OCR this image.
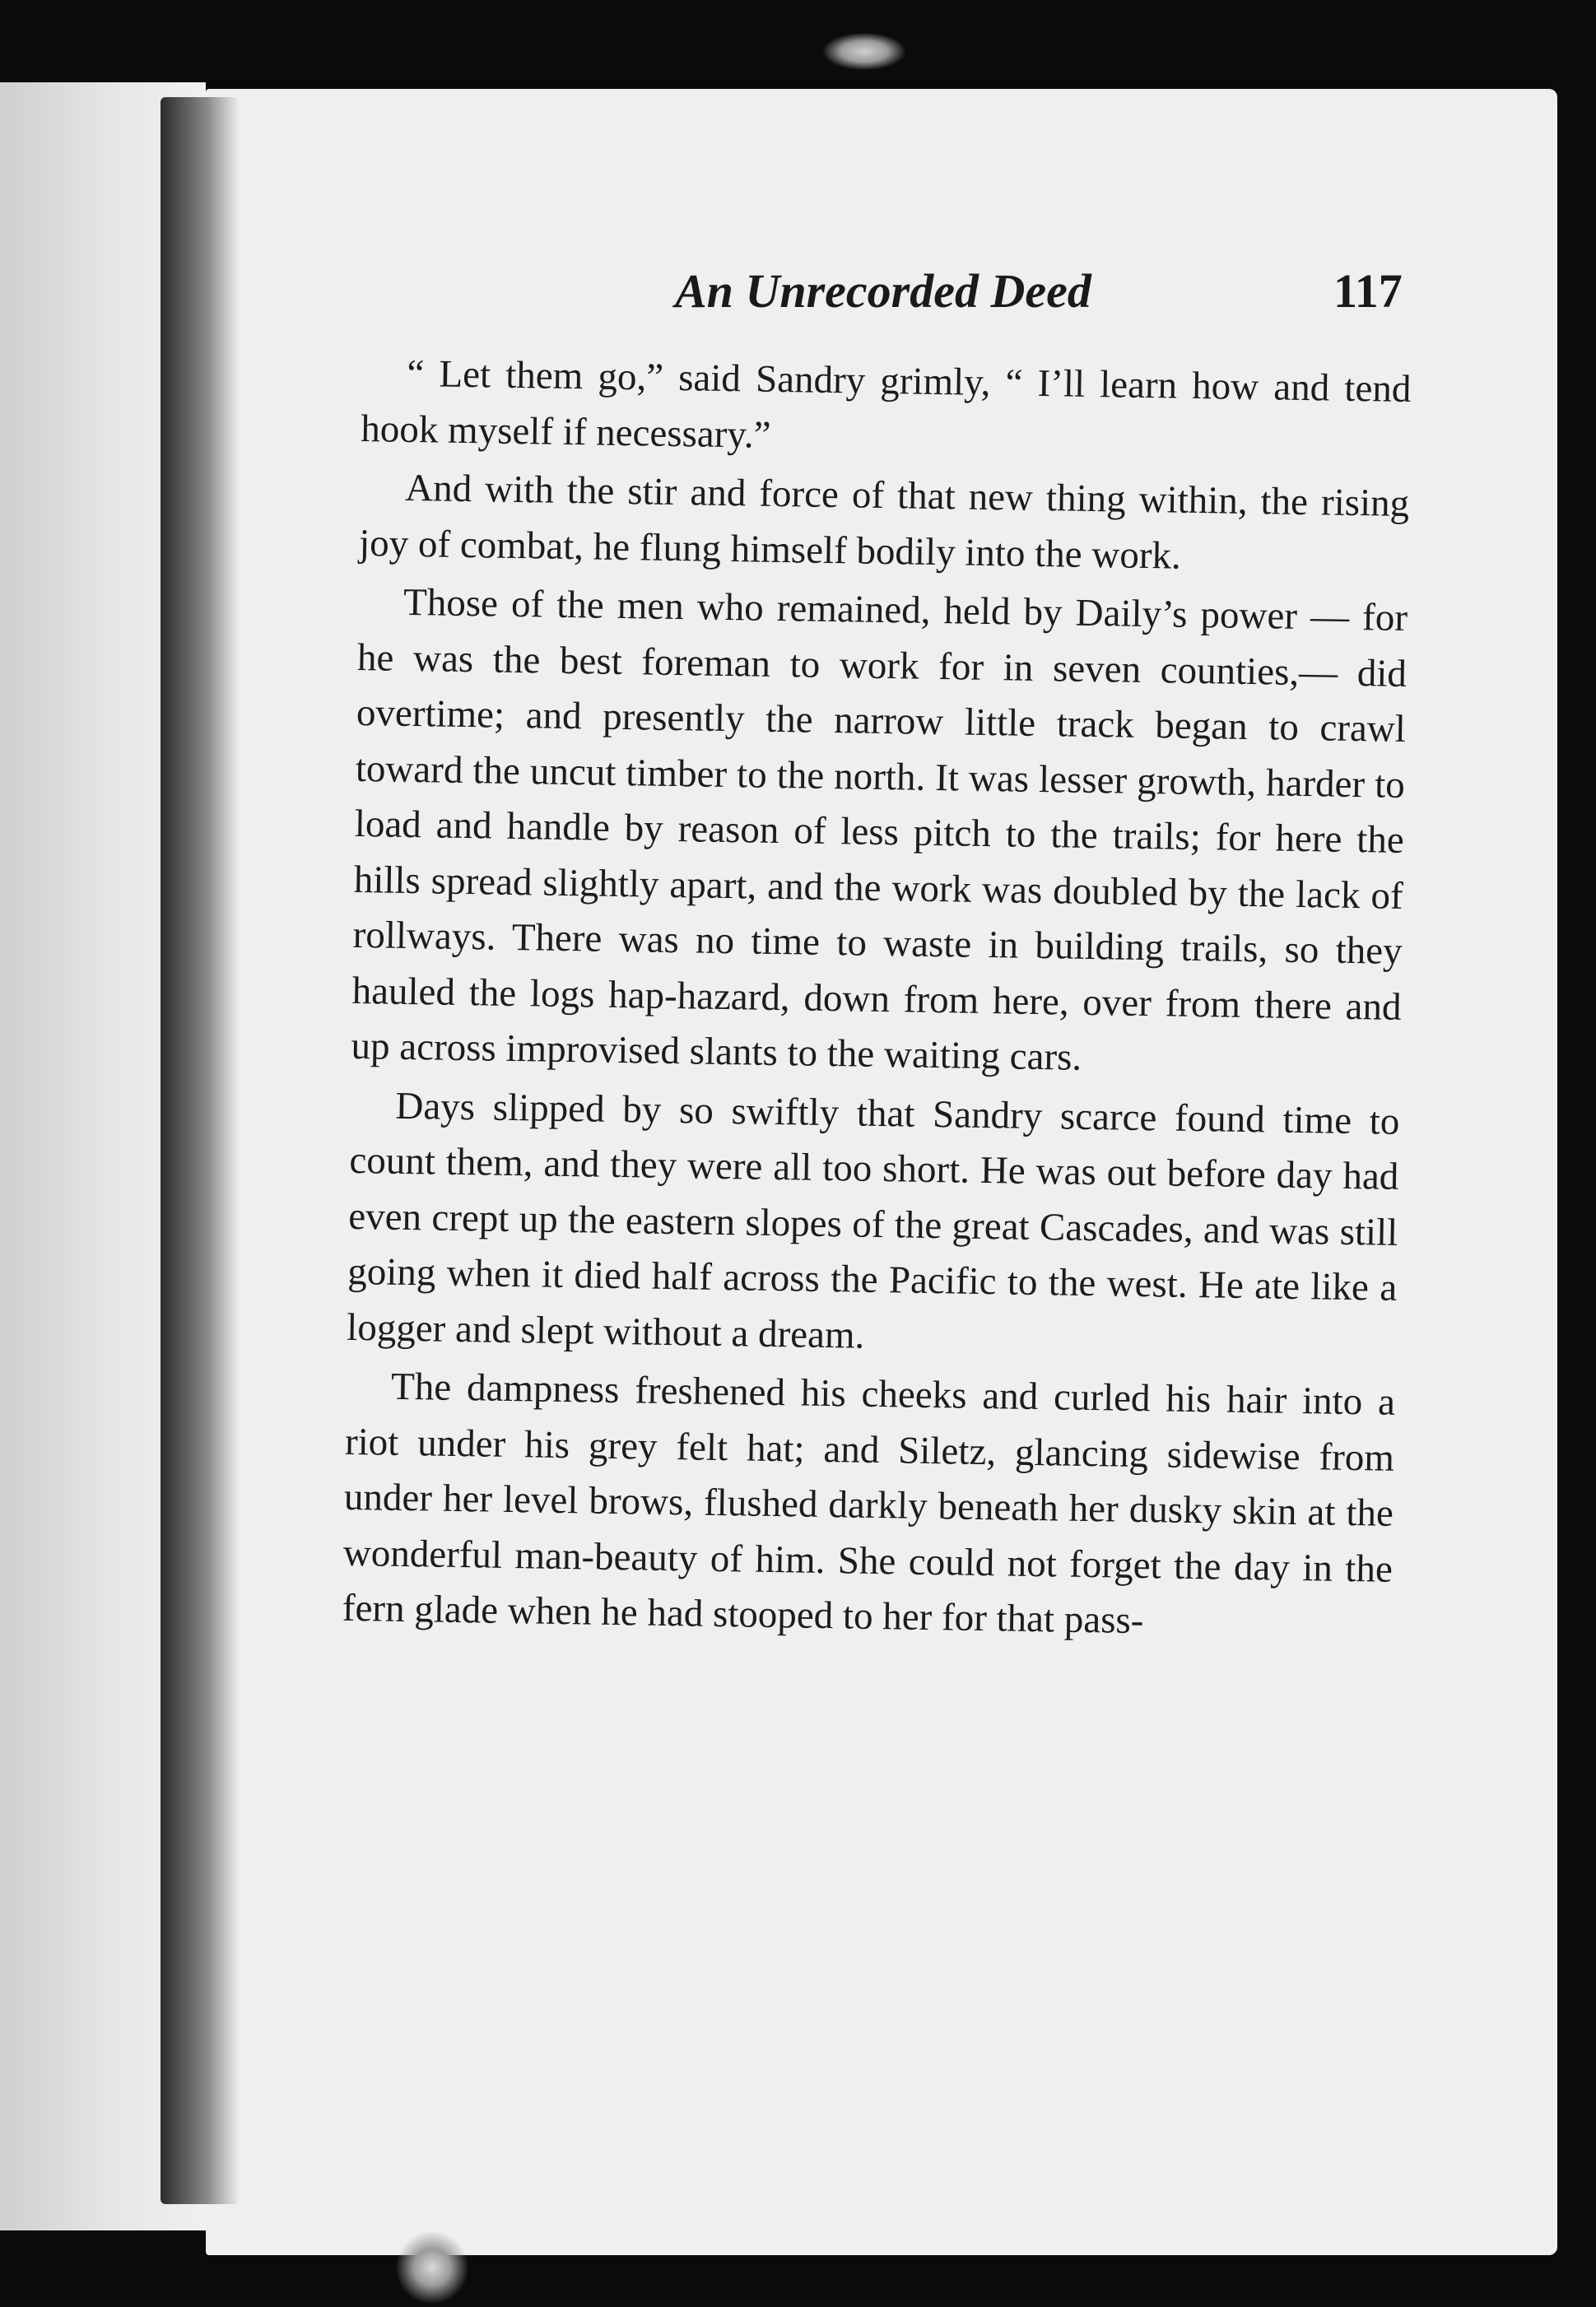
An Unrecorded Deed	117

“ Let them go,” said Sandry grimly, “ I’ll learn how and tend hook myself if necessary.”

And with the stir and force of that new thing within, the rising joy of combat, he flung himself bodily into the work.

Those of the men who remained, held by Daily’s power — for he was the best foreman to work for in seven counties,— did overtime; and presently the narrow little track began to crawl toward the uncut timber to the north. It was lesser growth, harder to load and handle by reason of less pitch to the trails; for here the hills spread slightly apart, and the work was doubled by the lack of rollways. There was no time to waste in building trails, so they hauled the logs hap-hazard, down from here, over from there and up across improvised slants to the waiting cars.

Days slipped by so swiftly that Sandry scarce found time to count them, and they were all too short. He was out before day had even crept up the eastern slopes of the great Cascades, and was still going when it died half across the Pacific to the west. He ate like a logger and slept without a dream.

The dampness freshened his cheeks and curled his hair into a riot under his grey felt hat; and Siletz, glancing sidewise from under her level brows, flushed darkly beneath her dusky skin at the wonderful man-beauty of him. She could not forget the day in the fern glade when he had stooped to her for that pass-
